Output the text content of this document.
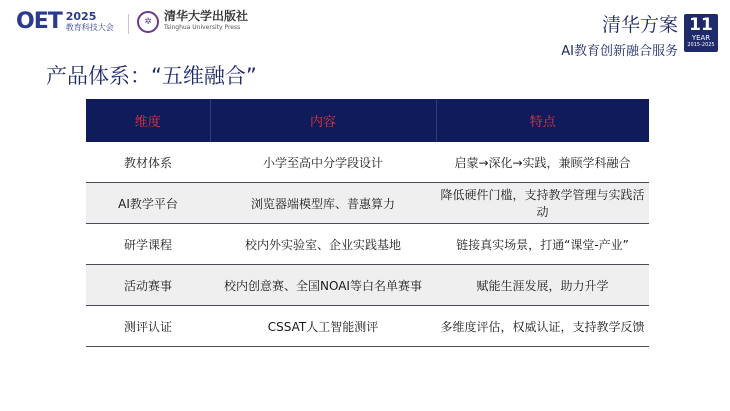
OET 2025
教育科技大会
✲	清华大学出版社
Tsinghua University Press	清华方案
AI教育创新融合服务
11
YEAR
2015-2025
产品体系：“五维融合”
维度	内容	特点
教材体系	小学至高中分学段设计	启蒙→深化→实践，兼顾学科融合
AI教学平台	浏览器端模型库、普惠算力	降低硬件门槛，支持教学管理与实践活动
研学课程	校内外实验室、企业实践基地	链接真实场景，打通“课堂-产业”
活动赛事	校内创意赛、全国NOAI等白名单赛事	赋能生涯发展，助力升学
测评认证	CSSAT人工智能测评	多维度评估，权威认证，支持教学反馈
